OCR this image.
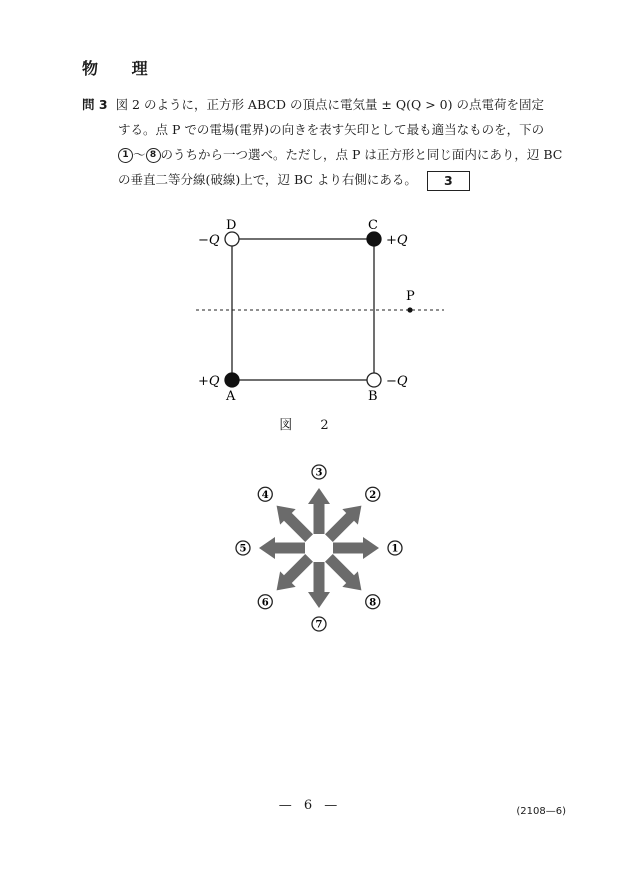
物 理
問 3 図 2 のように，正方形 ABCD の頂点に電気量 ± Q(Q > 0) の点電荷を固定
する。点 P での電場(電界)の向きを表す矢印として最も適当なものを，下の
1 〜 8 のうちから一つ選べ。ただし，点 P は正方形と同じ面内にあり，辺 BC
の垂直二等分線(破線)上で，辺 BC より右側にある。 3
D	C
A	B
−Q	+Q
+Q	−Q
P
図 2
1
2
3
4
5
6
7
8
— 6 —	(2108—6)
